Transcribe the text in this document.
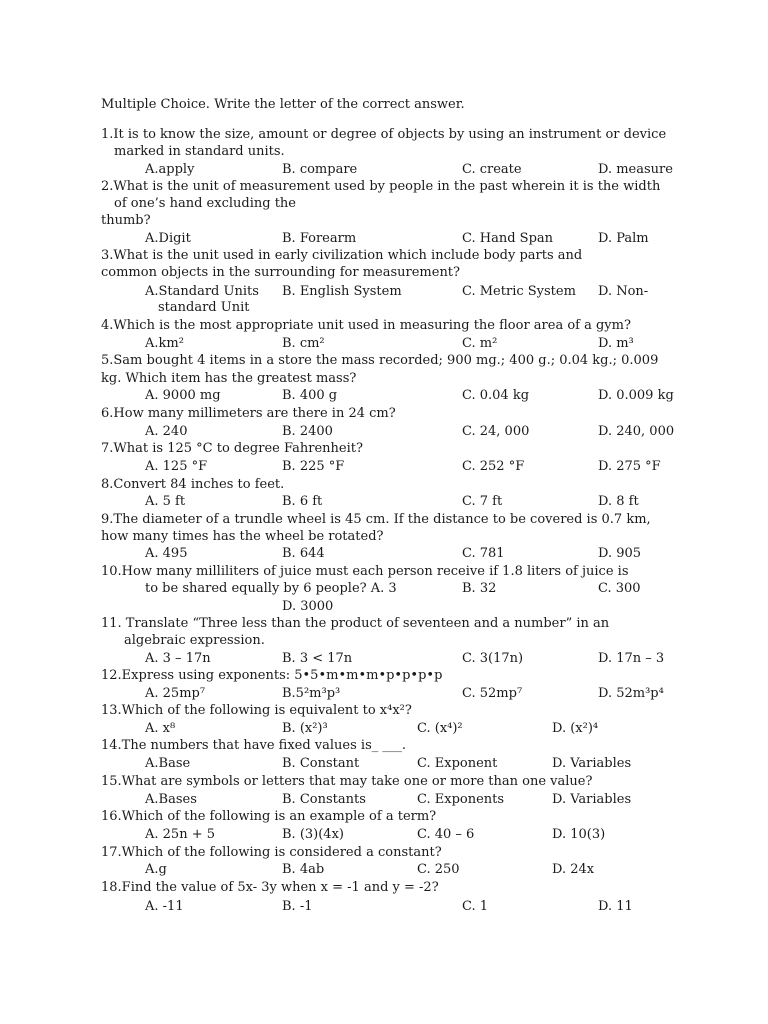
Multiple Choice. Write the letter of the correct answer.
1.It is to know the size, amount or degree of objects by using an instrument or device
marked in standard units.
A.apply	B. compare	C. create	D. measure
2.What is the unit of measurement used by people in the past wherein it is the width
of one’s hand excluding the
thumb?
A.Digit	B. Forearm	C. Hand Span	D. Palm
3.What is the unit used in early civilization which include body parts and
common objects in the surrounding for measurement?
A.Standard Units B. English System	C. Metric System D. Non-
standard Unit
4.Which is the most appropriate unit used in measuring the floor area of a gym?
A.km²	B. cm²	C. m²	D. m³
5.Sam bought 4 items in a store the mass recorded; 900 mg.; 400 g.; 0.04 kg.; 0.009
kg. Which item has the greatest mass?
A. 9000 mg	B. 400 g	C. 0.04 kg	D. 0.009 kg
6.How many millimeters are there in 24 cm?
A. 240	B. 2400	C. 24, 000	D. 240, 000
7.What is 125 °C to degree Fahrenheit?
A. 125 °F	B. 225 °F	C. 252 °F	D. 275 °F
8.Convert 84 inches to feet.
A. 5 ft	B. 6 ft	C. 7 ft	D. 8 ft
9.The diameter of a trundle wheel is 45 cm. If the distance to be covered is 0.7 km,
how many times has the wheel be rotated?
A. 495	B. 644	C. 781	D. 905
10.How many milliliters of juice must each person receive if 1.8 liters of juice is
to be shared equally by 6 people? A. 3	B. 32	C. 300
D. 3000
11. Translate “Three less than the product of seventeen and a number” in an
algebraic expression.
A. 3 – 17n	B. 3 < 17n	C. 3(17n)	D. 17n – 3
12.Express using exponents: 5•5•m•m•m•p•p•p•p
A. 25mp⁷	B.5²m³p³	C. 52mp⁷	D. 52m³p⁴
13.Which of the following is equivalent to x⁴x²?
A. x⁸	B. (x²)³	C. (x⁴)²	D. (x²)⁴
14.The numbers that have fixed values is_ ___.
A.Base	B. Constant	C. Exponent	D. Variables
15.What are symbols or letters that may take one or more than one value?
A.Bases	B. Constants	C. Exponents	D. Variables
16.Which of the following is an example of a term?
A. 25n + 5	B. (3)(4x)	C. 40 – 6	D. 10(3)
17.Which of the following is considered a constant?
A.g	B. 4ab	C. 250	D. 24x
18.Find the value of 5x- 3y when x = -1 and y = -2?
A. -11	B. -1	C. 1	D. 11
